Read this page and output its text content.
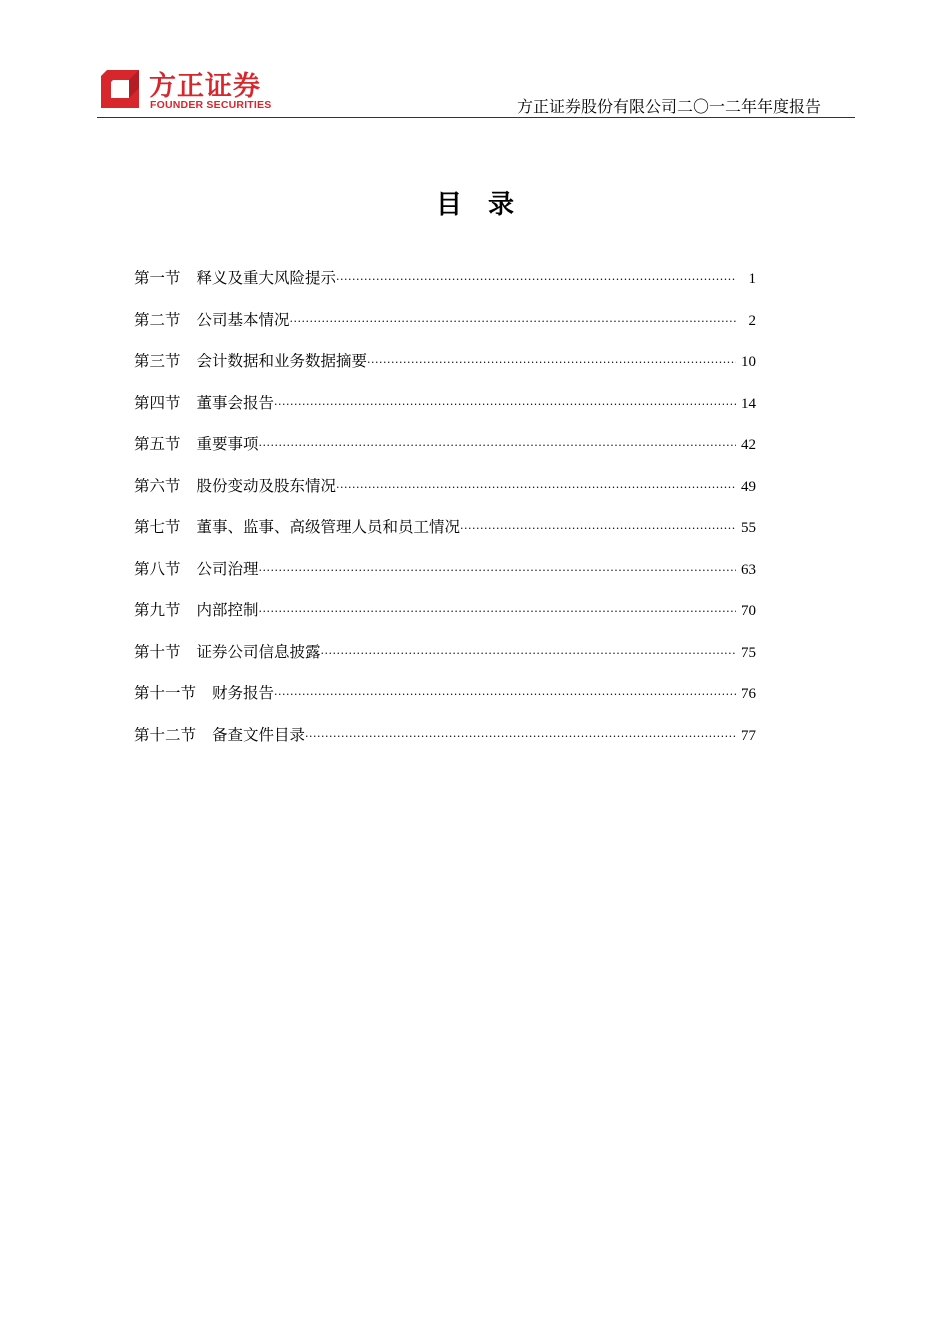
方正证券
FOUNDER SECURITIES	方正证券股份有限公司二〇一二年年度报告
目录
第一节	释义及重大风险提示 ·····	1
第二节	公司基本情况 ·····	2
第三节	会计数据和业务数据摘要 ·····	10
第四节	董事会报告 ·····	14
第五节	重要事项 ·····	42
第六节	股份变动及股东情况 ·····	49
第七节	董事、监事、高级管理人员和员工情况 ·····	55
第八节	公司治理 ·····	63
第九节	内部控制 ·····	70
第十节	证券公司信息披露 ·····	75
第十一节	财务报告 ·····	76
第十二节	备查文件目录 ·····	77
